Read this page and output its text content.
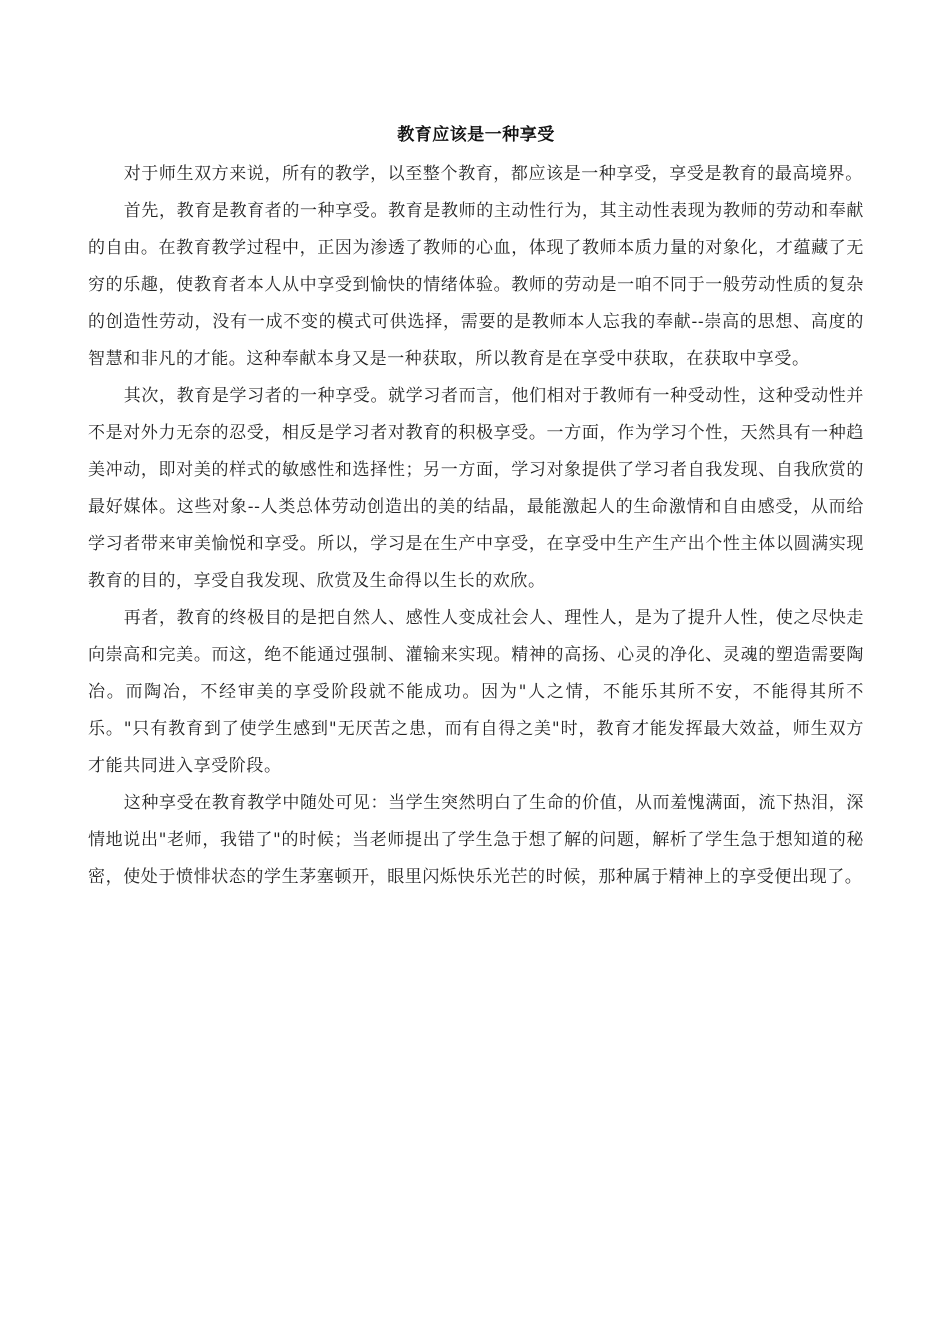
教育应该是一种享受

对于师生双方来说，所有的教学，以至整个教育，都应该是一种享受，享受是教育的最高境界。

首先，教育是教育者的一种享受。教育是教师的主动性行为，其主动性表现为教师的劳动和奉献的自由。在教育教学过程中，正因为渗透了教师的心血，体现了教师本质力量的对象化，才蕴藏了无穷的乐趣，使教育者本人从中享受到愉快的情绪体验。教师的劳动是一咱不同于一般劳动性质的复杂的创造性劳动，没有一成不变的模式可供选择，需要的是教师本人忘我的奉献--崇高的思想、高度的智慧和非凡的才能。这种奉献本身又是一种获取，所以教育是在享受中获取，在获取中享受。

其次，教育是学习者的一种享受。就学习者而言，他们相对于教师有一种受动性，这种受动性并不是对外力无奈的忍受，相反是学习者对教育的积极享受。一方面，作为学习个性，天然具有一种趋美冲动，即对美的样式的敏感性和选择性；另一方面，学习对象提供了学习者自我发现、自我欣赏的最好媒体。这些对象--人类总体劳动创造出的美的结晶，最能激起人的生命激情和自由感受，从而给学习者带来审美愉悦和享受。所以，学习是在生产中享受，在享受中生产生产出个性主体以圆满实现教育的目的，享受自我发现、欣赏及生命得以生长的欢欣。

再者，教育的终极目的是把自然人、感性人变成社会人、理性人，是为了提升人性，使之尽快走向崇高和完美。而这，绝不能通过强制、灌输来实现。精神的高扬、心灵的净化、灵魂的塑造需要陶冶。而陶冶，不经审美的享受阶段就不能成功。因为"人之情，不能乐其所不安，不能得其所不乐。"只有教育到了使学生感到"无厌苦之患，而有自得之美"时，教育才能发挥最大效益，师生双方才能共同进入享受阶段。

这种享受在教育教学中随处可见：当学生突然明白了生命的价值，从而羞愧满面，流下热泪，深情地说出"老师，我错了"的时候；当老师提出了学生急于想了解的问题，解析了学生急于想知道的秘密，使处于愤悱状态的学生茅塞顿开，眼里闪烁快乐光芒的时候，那种属于精神上的享受便出现了。
